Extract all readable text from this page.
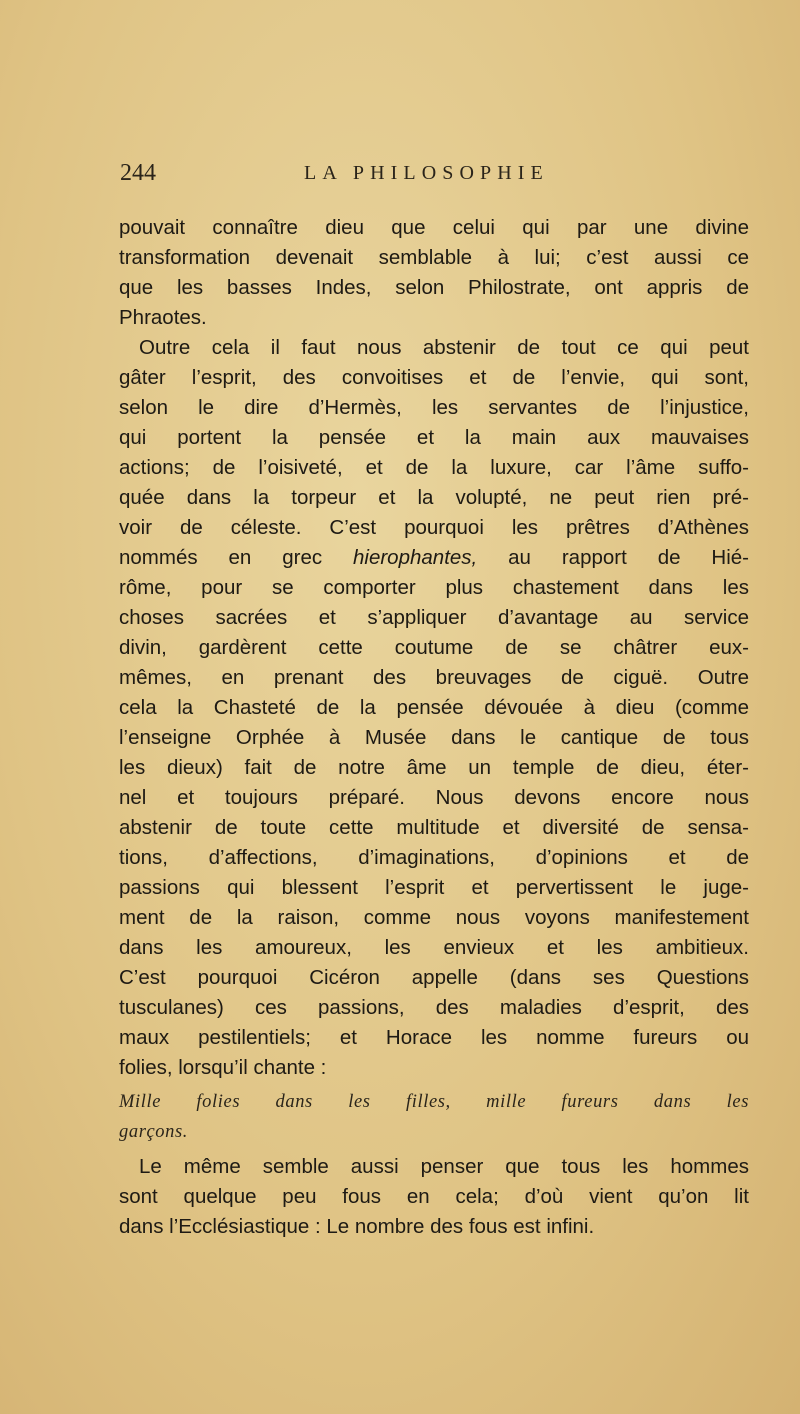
244	LA PHILOSOPHIE
pouvait connaître dieu que celui qui par une divine
transformation devenait semblable à lui; c’est aussi ce
que les basses Indes, selon Philostrate, ont appris de
Phraotes.
Outre cela il faut nous abstenir de tout ce qui peut
gâter l’esprit, des convoitises et de l’envie, qui sont,
selon le dire d’Hermès, les servantes de l’injustice,
qui portent la pensée et la main aux mauvaises
actions; de l’oisiveté, et de la luxure, car l’âme suffo-
quée dans la torpeur et la volupté, ne peut rien pré-
voir de céleste. C’est pourquoi les prêtres d’Athènes
nommés en grec hierophantes, au rapport de Hié-
rôme, pour se comporter plus chastement dans les
choses sacrées et s’appliquer d’avantage au service
divin, gardèrent cette coutume de se châtrer eux-
mêmes, en prenant des breuvages de ciguë. Outre
cela la Chasteté de la pensée dévouée à dieu (comme
l’enseigne Orphée à Musée dans le cantique de tous
les dieux) fait de notre âme un temple de dieu, éter-
nel et toujours préparé. Nous devons encore nous
abstenir de toute cette multitude et diversité de sensa-
tions, d’affections, d’imaginations, d’opinions et de
passions qui blessent l’esprit et pervertissent le juge-
ment de la raison, comme nous voyons manifestement
dans les amoureux, les envieux et les ambitieux.
C’est pourquoi Cicéron appelle (dans ses Questions
tusculanes) ces passions, des maladies d’esprit, des
maux pestilentiels; et Horace les nomme fureurs ou
folies, lorsqu’il chante :
Mille folies dans les filles, mille fureurs dans les
garçons.
Le même semble aussi penser que tous les hommes
sont quelque peu fous en cela; d’où vient qu’on lit
dans l’Ecclésiastique : Le nombre des fous est infini.
